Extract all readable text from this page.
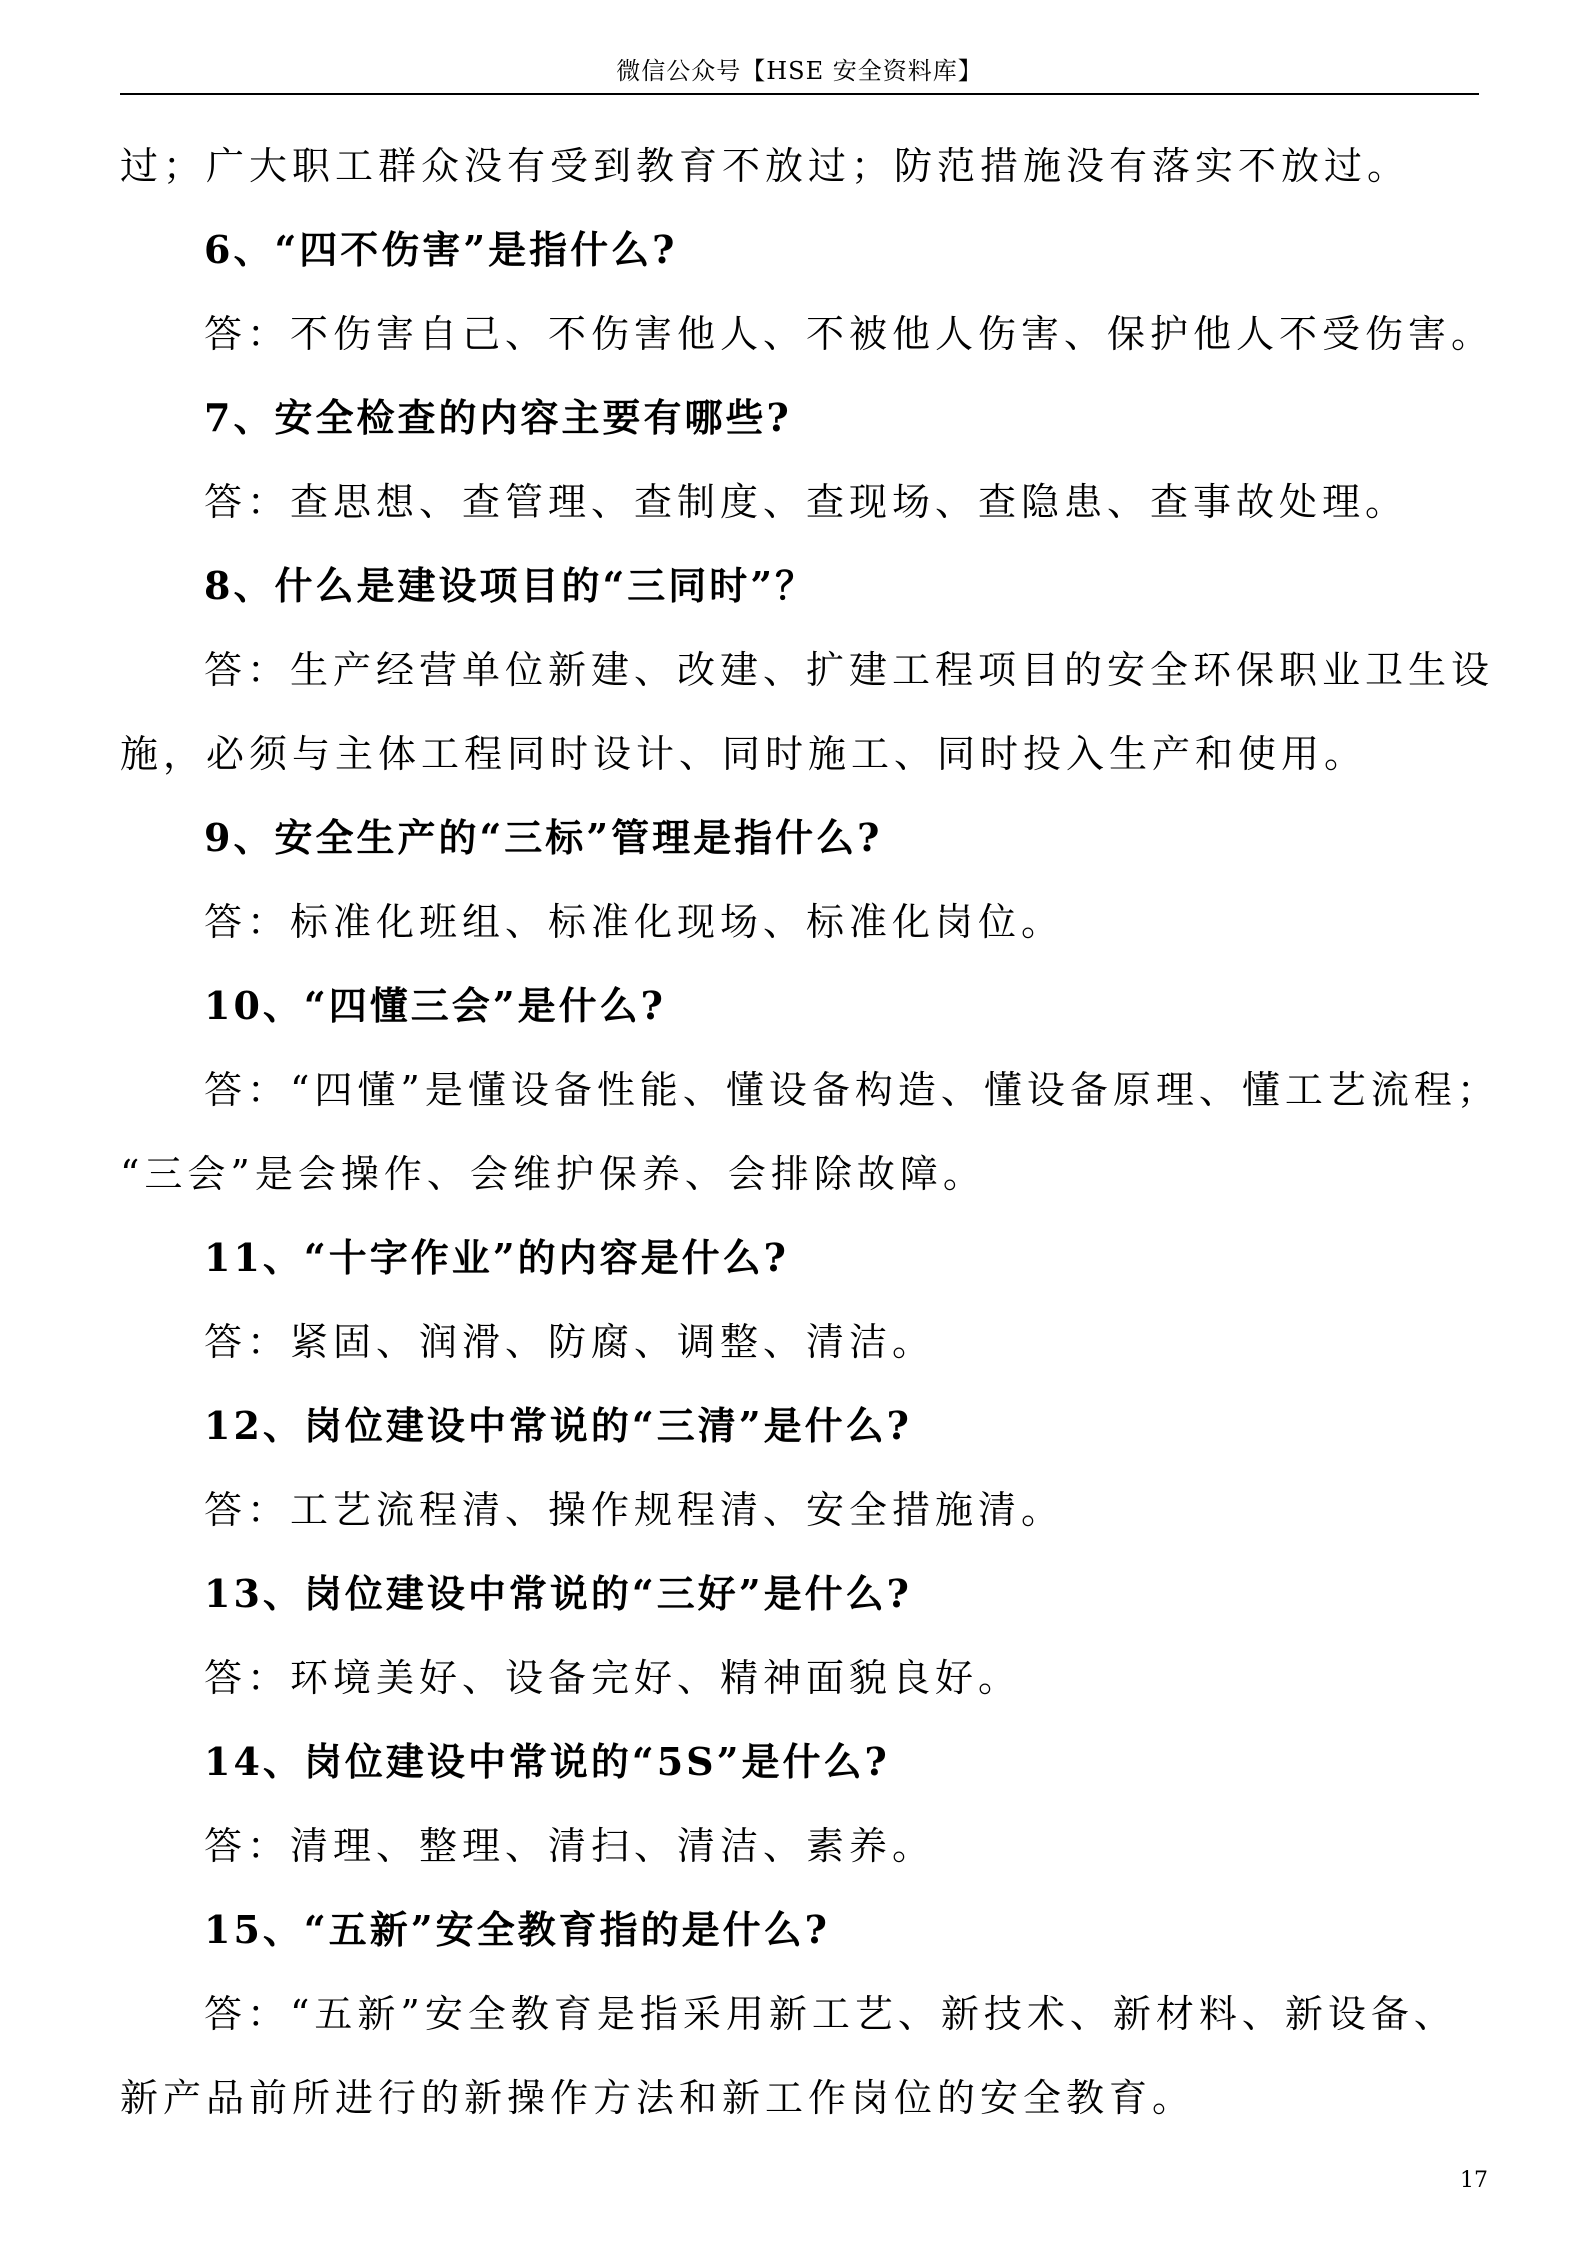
微信公众号【HSE 安全资料库】
过；广大职工群众没有受到教育不放过；防范措施没有落实不放过。
6、“四不伤害”是指什么?
答：不伤害自己、不伤害他人、不被他人伤害、保护他人不受伤害。
7、安全检查的内容主要有哪些?
答：查思想、查管理、查制度、查现场、查隐患、查事故处理。
8、什么是建设项目的“三同时”？
答：生产经营单位新建、改建、扩建工程项目的安全环保职业卫生设
施，必须与主体工程同时设计、同时施工、同时投入生产和使用。
9、安全生产的“三标”管理是指什么?
答：标准化班组、标准化现场、标准化岗位。
10、“四懂三会”是什么?
答：“四懂”是懂设备性能、懂设备构造、懂设备原理、懂工艺流程；
“三会”是会操作、会维护保养、会排除故障。
11、“十字作业”的内容是什么?
答：紧固、润滑、防腐、调整、清洁。
12、岗位建设中常说的“三清”是什么?
答：工艺流程清、操作规程清、安全措施清。
13、岗位建设中常说的“三好”是什么?
答：环境美好、设备完好、精神面貌良好。
14、岗位建设中常说的“5S”是什么?
答：清理、整理、清扫、清洁、素养。
15、“五新”安全教育指的是什么?
答：“五新”安全教育是指采用新工艺、新技术、新材料、新设备、
新产品前所进行的新操作方法和新工作岗位的安全教育。
17
